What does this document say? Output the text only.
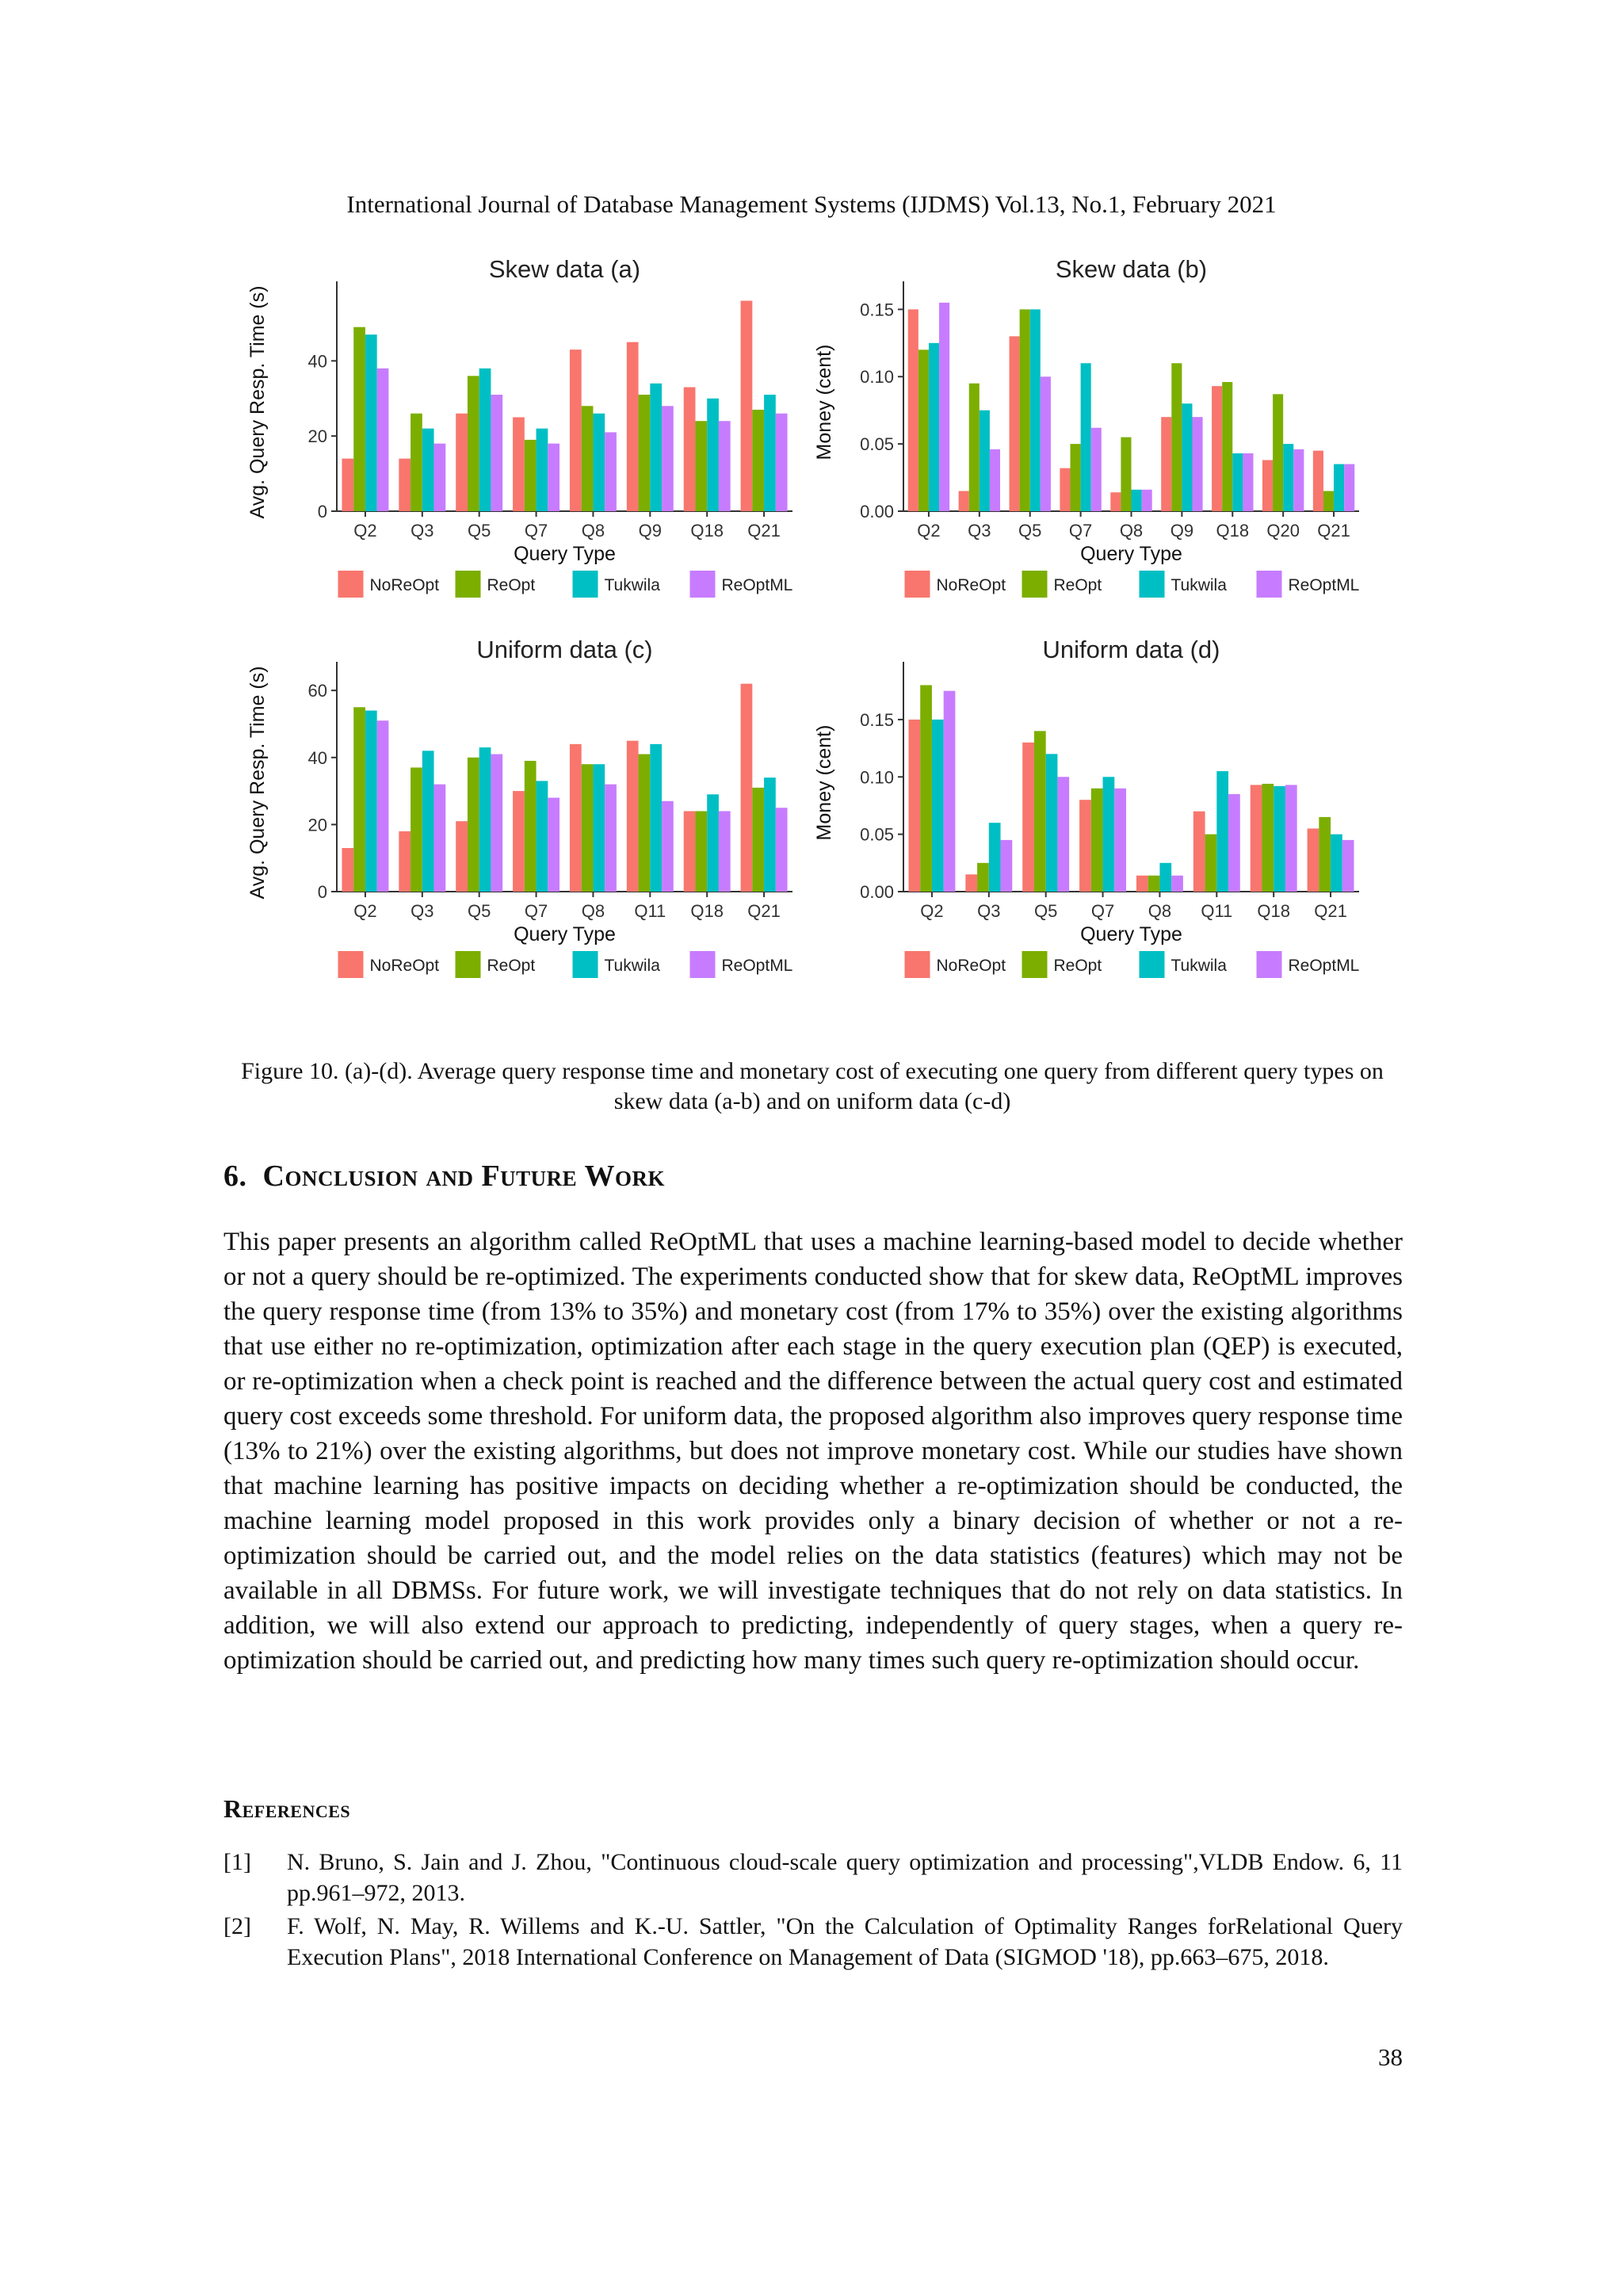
International Journal of Database Management Systems (IJDMS) Vol.13, No.1, February 2021
Skew data (a)
Avg. Query Resp. Time (s)	0
20
40
Q2 Q3 Q5 Q7 Q8 Q9 Q18 Q21
Query Type
NoReOpt	ReOpt	Tukwila	ReOptML
Skew data (b)
Money (cent)
0.00
0.05
0.10
0.15
Q2 Q3 Q5 Q7 Q8 Q9 Q18 Q20 Q21
Query Type
NoReOpt	ReOpt	Tukwila	ReOptML
Uniform data (c)
Avg. Query Resp. Time (s)	0
20
40
60
Q2 Q3 Q5 Q7 Q8 Q11 Q18 Q21
Query Type
NoReOpt	ReOpt	Tukwila	ReOptML
Uniform data (d)
Money (cent)
0.00
0.05
0.10
0.15
Q2 Q3 Q5 Q7 Q8 Q11 Q18 Q21
Query Type
NoReOpt	ReOpt	Tukwila	ReOptML
Figure 10. (a)-(d). Average query response time and monetary cost of executing one query from different query types on skew data (a-b) and on uniform data (c-d)
6. Conclusion and Future Work
This paper presents an algorithm called ReOptML that uses a machine learning-based model to decide whether or not a query should be re-optimized. The experiments conducted show that for skew data, ReOptML improves the query response time (from 13% to 35%) and monetary cost (from 17% to 35%) over the existing algorithms that use either no re-optimization, optimization after each stage in the query execution plan (QEP) is executed, or re-optimization when a check point is reached and the difference between the actual query cost and estimated query cost exceeds some threshold. For uniform data, the proposed algorithm also improves query response time (13% to 21%) over the existing algorithms, but does not improve monetary cost. While our studies have shown that machine learning has positive impacts on deciding whether a re-optimization should be conducted, the machine learning model proposed in this work provides only a binary decision of whether or not a re-optimization should be carried out, and the model relies on the data statistics (features) which may not be available in all DBMSs. For future work, we will investigate techniques that do not rely on data statistics. In addition, we will also extend our approach to predicting, independently of query stages, when a query re-optimization should be carried out, and predicting how many times such query re-optimization should occur.
References
[1] N. Bruno, S. Jain and J. Zhou, "Continuous cloud-scale query optimization and processing",VLDB Endow. 6, 11 pp.961–972, 2013.
[2] F. Wolf, N. May, R. Willems and K.-U. Sattler, "On the Calculation of Optimality Ranges forRelational Query Execution Plans", 2018 International Conference on Management of Data (SIGMOD '18), pp.663–675, 2018.
38
